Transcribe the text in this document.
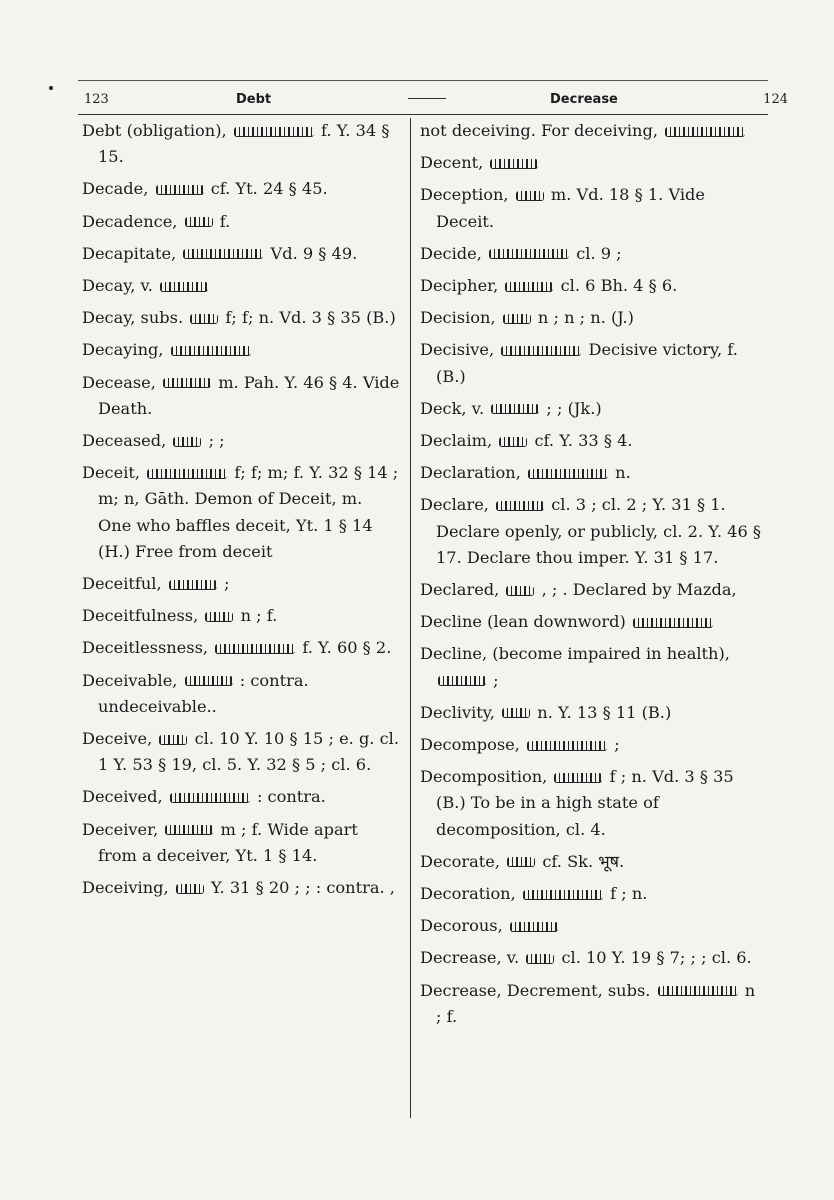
123	Debt	Decrease	124
Debt (obligation),	f. Y. 34 § 15.
Decade,	cf. Yt. 24 § 45.
Decadence,	f.
Decapitate,	Vd. 9 § 49.
Decay, v.
Decay, subs.	f; f; n. Vd. 3 § 35 (B.)
Decaying,
Decease,	m. Pah. Y. 46 § 4. Vide Death.
Deceased,	; ;
Deceit,	f; f; m; f. Y. 32 § 14 ; m; n, Gāth. Demon of Deceit, m. One who baffles deceit, Yt. 1 § 14 (H.) Free from deceit
Deceitful,	;
Deceitfulness,	n ; f.
Deceitlessness,	f. Y. 60 § 2.
Deceivable,	: contra. undeceivable..
Deceive,	cl. 10 Y. 10 § 15 ; e. g. cl. 1 Y. 53 § 19, cl. 5. Y. 32 § 5 ; cl. 6.
Deceived,	: contra.
Deceiver,	m ; f. Wide apart from a deceiver, Yt. 1 § 14.
Deceiving,	Y. 31 § 20 ; ; : contra. ,
not deceiving. For deceiving,
Decent,
Deception,	m. Vd. 18 § 1. Vide Deceit.
Decide,	cl. 9 ;
Decipher,	cl. 6 Bh. 4 § 6.
Decision,	n ; n ; n. (J.)
Decisive,	Decisive victory, f. (B.)
Deck, v.	; ; (Jk.)
Declaim,	cf. Y. 33 § 4.
Declaration,	n.
Declare,	cl. 3 ; cl. 2 ; Y. 31 § 1. Declare openly, or publicly, cl. 2. Y. 46 § 17. Declare thou imper. Y. 31 § 17.
Declared,	, ; . Declared by Mazda,
Decline (lean downword)
Decline, (become impaired in health),  ;
Declivity,	n. Y. 13 § 11 (B.)
Decompose,	;
Decomposition,	f ; n. Vd. 3 § 35 (B.) To be in a high state of decomposition, cl. 4.
Decorate,	cf. Sk. भूष.
Decoration,	f ; n.
Decorous,
Decrease, v.	cl. 10 Y. 19 § 7; ; ; cl. 6.
Decrease, Decrement, subs.	n ; f.
